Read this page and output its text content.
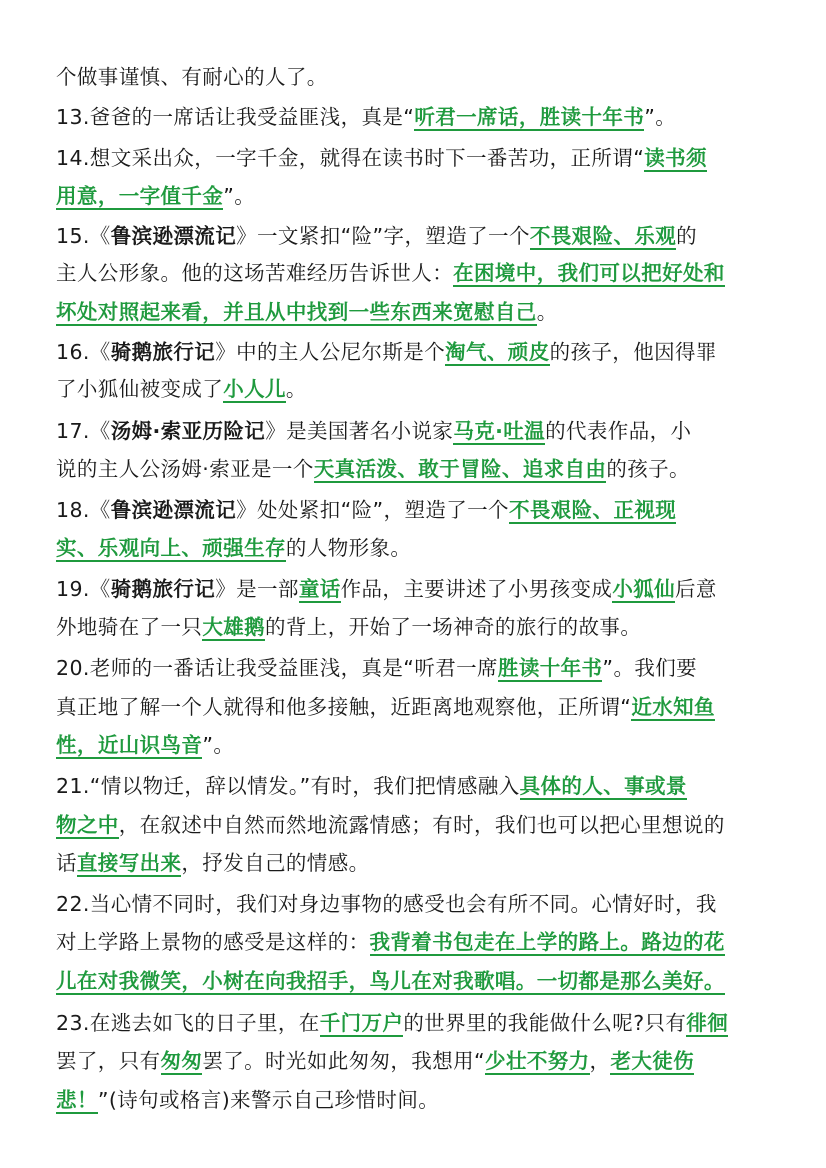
个做事谨慎、有耐心的人了。
13.爸爸的一席话让我受益匪浅，真是“听君一席话，胜读十年书”。
14.想文采出众，一字千金，就得在读书时下一番苦功，正所谓“读书须
用意，一字值千金”。
15.《鲁滨逊漂流记》一文紧扣“险”字，塑造了一个不畏艰险、乐观的
主人公形象。他的这场苦难经历告诉世人：在困境中，我们可以把好处和
坏处对照起来看，并且从中找到一些东西来宽慰自己。
16.《骑鹅旅行记》中的主人公尼尔斯是个淘气、顽皮的孩子，他因得罪
了小狐仙被变成了小人儿。
17.《汤姆·索亚历险记》是美国著名小说家马克·吐温的代表作品，小
说的主人公汤姆·索亚是一个天真活泼、敢于冒险、追求自由的孩子。
18.《鲁滨逊漂流记》处处紧扣“险”，塑造了一个不畏艰险、正视现
实、乐观向上、顽强生存的人物形象。
19.《骑鹅旅行记》是一部童话作品，主要讲述了小男孩变成小狐仙后意
外地骑在了一只大雄鹅的背上，开始了一场神奇的旅行的故事。
20.老师的一番话让我受益匪浅，真是“听君一席胜读十年书”。我们要
真正地了解一个人就得和他多接触，近距离地观察他，正所谓“近水知鱼
性，近山识鸟音”。
21.“情以物迁，辞以情发。”有时，我们把情感融入具体的人、事或景
物之中，在叙述中自然而然地流露情感；有时，我们也可以把心里想说的
话直接写出来，抒发自己的情感。
22.当心情不同时，我们对身边事物的感受也会有所不同。心情好时，我
对上学路上景物的感受是这样的：我背着书包走在上学的路上。路边的花
儿在对我微笑，小树在向我招手，鸟儿在对我歌唱。一切都是那么美好。
23.在逃去如飞的日子里，在千门万户的世界里的我能做什么呢?只有徘徊
罢了，只有匆匆罢了。时光如此匆匆，我想用“少壮不努力，老大徒伤
悲！”(诗句或格言)来警示自己珍惜时间。
